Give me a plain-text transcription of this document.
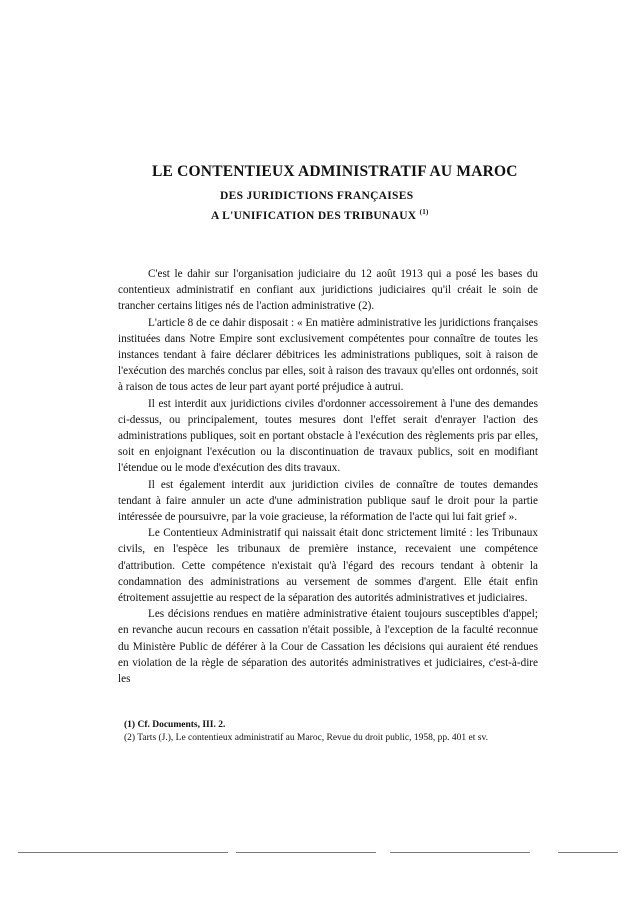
LE CONTENTIEUX ADMINISTRATIF AU MAROC
DES JURIDICTIONS FRANÇAISES
A L'UNIFICATION DES TRIBUNAUX $^{(1)}$

C'est le dahir sur l'organisation judiciaire du 12 août 1913 qui a posé les bases du contentieux administratif en confiant aux juridictions judiciaires qu'il créait le soin de trancher certains litiges nés de l'action administrative (2).

L'article 8 de ce dahir disposait : « En matière administrative les juridictions françaises instituées dans Notre Empire sont exclusivement compétentes pour connaître de toutes les instances tendant à faire déclarer débitrices les administrations publiques, soit à raison de l'exécution des marchés conclus par elles, soit à raison des travaux qu'elles ont ordonnés, soit à raison de tous actes de leur part ayant porté préjudice à autrui.

Il est interdit aux juridictions civiles d'ordonner accessoirement à l'une des demandes ci-dessus, ou principalement, toutes mesures dont l'effet serait d'enrayer l'action des administrations publiques, soit en portant obstacle à l'exécution des règlements pris par elles, soit en enjoignant l'exécution ou la discontinuation de travaux publics, soit en modifiant l'étendue ou le mode d'exécution des dits travaux.

Il est également interdit aux juridiction civiles de connaître de toutes demandes tendant à faire annuler un acte d'une administration publique sauf le droit pour la partie intéressée de poursuivre, par la voie gracieuse, la réformation de l'acte qui lui fait grief ».

Le Contentieux Administratif qui naissait était donc strictement limité : les Tribunaux civils, en l'espèce les tribunaux de première instance, recevaient une compétence d'attribution. Cette compétence n'existait qu'à l'égard des recours tendant à obtenir la condamnation des administrations au versement de sommes d'argent. Elle était enfin étroitement assujettie au respect de la séparation des autorités administratives et judiciaires.

Les décisions rendues en matière administrative étaient toujours susceptibles d'appel; en revanche aucun recours en cassation n'était possible, à l'exception de la faculté reconnue du Ministère Public de déférer à la Cour de Cassation les décisions qui auraient été rendues en violation de la règle de séparation des autorités administratives et judiciaires, c'est-à-dire les

(1) Cf. Documents, III. 2.

(2) Tarts (J.), Le contentieux administratif au Maroc, Revue du droit public, 1958, pp. 401 et sv.
